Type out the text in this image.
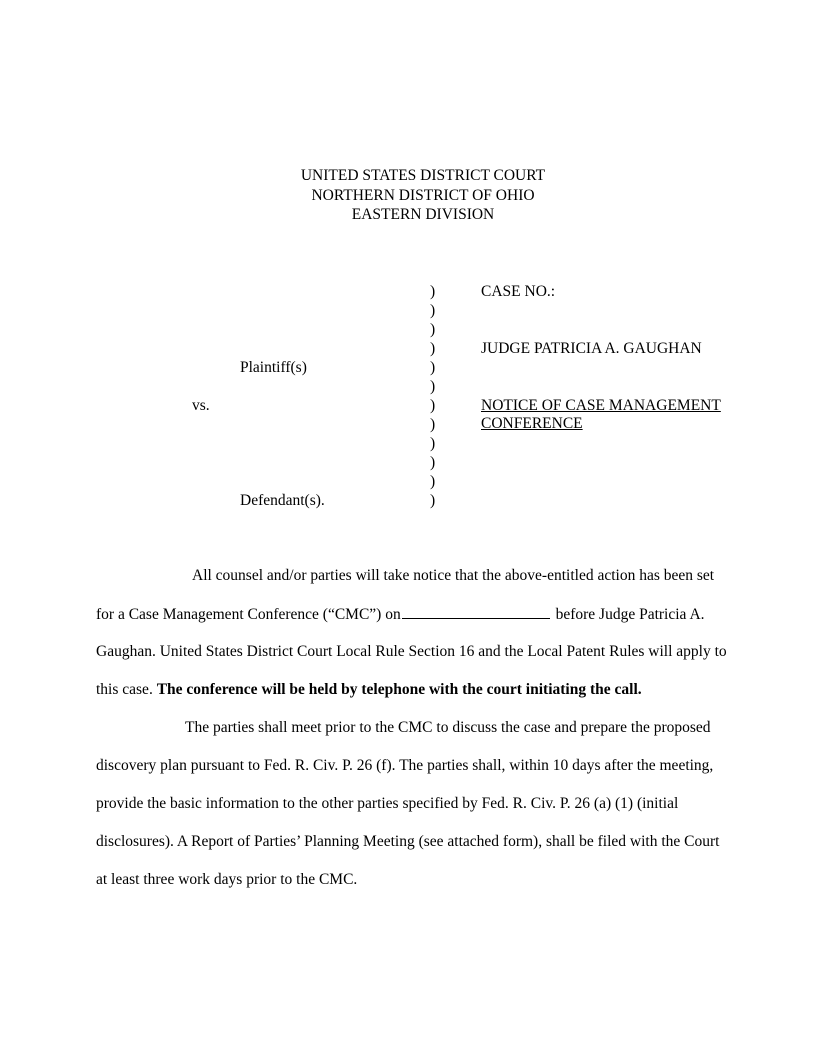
UNITED STATES DISTRICT COURT
NORTHERN DISTRICT OF OHIO
EASTERN DIVISION
)
)
)
)
)
)
)
)
)
)
)
)
Plaintiff(s)
vs.
Defendant(s).
CASE NO.:
JUDGE PATRICIA A. GAUGHAN
NOTICE OF CASE MANAGEMENT
CONFERENCE
All counsel and/or parties will take notice that the above-entitled action has been set
for a Case Management Conference (“CMC”) on	before Judge Patricia A.
Gaughan. United States District Court Local Rule Section 16 and the Local Patent Rules will apply to
this case. The conference will be held by telephone with the court initiating the call.
The parties shall meet prior to the CMC to discuss the case and prepare the proposed
discovery plan pursuant to Fed. R. Civ. P. 26 (f). The parties shall, within 10 days after the meeting,
provide the basic information to the other parties specified by Fed. R. Civ. P. 26 (a) (1) (initial
disclosures). A Report of Parties’ Planning Meeting (see attached form), shall be filed with the Court
at least three work days prior to the CMC.
